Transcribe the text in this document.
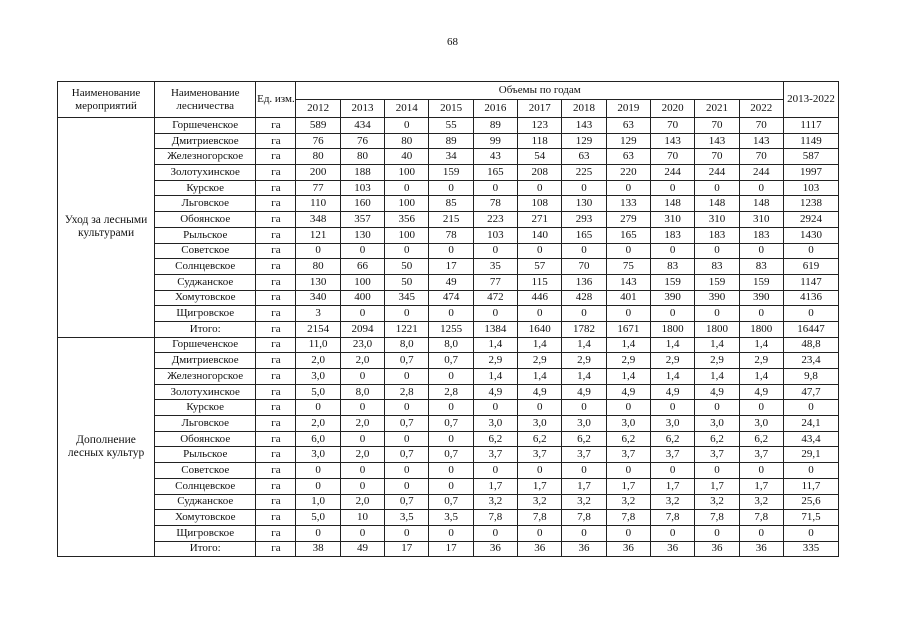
68
Наименование мероприятий	Наименование лесничества	Ед. изм.	Объемы по годам											2013-2022
			2012	2013	2014	2015	2016	2017	2018	2019	2020	2021	2022	
Уход за лесными культурами	Горшеченское	га	589	434	0	55	89	123	143	63	70	70	70	1117
	Дмитриевское	га	76	76	80	89	99	118	129	129	143	143	143	1149
	Железногорское	га	80	80	40	34	43	54	63	63	70	70	70	587
	Золотухинское	га	200	188	100	159	165	208	225	220	244	244	244	1997
	Курское	га	77	103	0	0	0	0	0	0	0	0	0	103
	Льговское	га	110	160	100	85	78	108	130	133	148	148	148	1238
	Обоянское	га	348	357	356	215	223	271	293	279	310	310	310	2924
	Рыльское	га	121	130	100	78	103	140	165	165	183	183	183	1430
	Советское	га	0	0	0	0	0	0	0	0	0	0	0	0
	Солнцевское	га	80	66	50	17	35	57	70	75	83	83	83	619
	Суджанское	га	130	100	50	49	77	115	136	143	159	159	159	1147
	Хомутовское	га	340	400	345	474	472	446	428	401	390	390	390	4136
	Щигровское	га	3	0	0	0	0	0	0	0	0	0	0	0
	Итого:	га	2154	2094	1221	1255	1384	1640	1782	1671	1800	1800	1800	16447
Дополнение лесных культур	Горшеченское	га	11,0	23,0	8,0	8,0	1,4	1,4	1,4	1,4	1,4	1,4	1,4	48,8
	Дмитриевское	га	2,0	2,0	0,7	0,7	2,9	2,9	2,9	2,9	2,9	2,9	2,9	23,4
	Железногорское	га	3,0	0	0	0	1,4	1,4	1,4	1,4	1,4	1,4	1,4	9,8
	Золотухинское	га	5,0	8,0	2,8	2,8	4,9	4,9	4,9	4,9	4,9	4,9	4,9	47,7
	Курское	га	0	0	0	0	0	0	0	0	0	0	0	0
	Льговское	га	2,0	2,0	0,7	0,7	3,0	3,0	3,0	3,0	3,0	3,0	3,0	24,1
	Обоянское	га	6,0	0	0	0	6,2	6,2	6,2	6,2	6,2	6,2	6,2	43,4
	Рыльское	га	3,0	2,0	0,7	0,7	3,7	3,7	3,7	3,7	3,7	3,7	3,7	29,1
	Советское	га	0	0	0	0	0	0	0	0	0	0	0	0
	Солнцевское	га	0	0	0	0	1,7	1,7	1,7	1,7	1,7	1,7	1,7	11,7
	Суджанское	га	1,0	2,0	0,7	0,7	3,2	3,2	3,2	3,2	3,2	3,2	3,2	25,6
	Хомутовское	га	5,0	10	3,5	3,5	7,8	7,8	7,8	7,8	7,8	7,8	7,8	71,5
	Щигровское	га	0	0	0	0	0	0	0	0	0	0	0	0
	Итого:	га	38	49	17	17	36	36	36	36	36	36	36	335
